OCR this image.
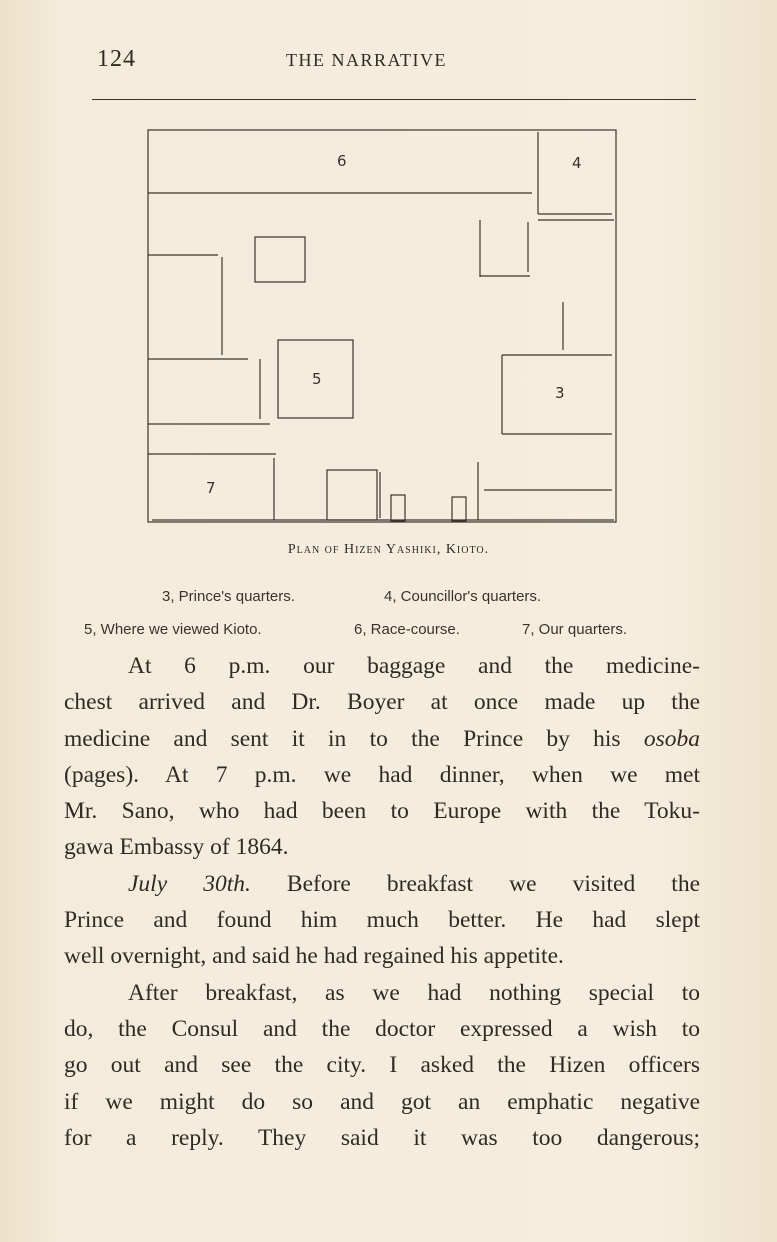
124	THE NARRATIVE
6	4
5
3
7
Plan of Hizen Yashiki, Kioto.
3, Prince's quarters.	4, Councillor's quarters.
5, Where we viewed Kioto.	6, Race-course.	7, Our quarters.
At 6 p.m. our baggage and the medicine-
chest arrived and Dr. Boyer at once made up the
medicine and sent it in to the Prince by his osoba
(pages). At 7 p.m. we had dinner, when we met
Mr. Sano, who had been to Europe with the Toku-
gawa Embassy of 1864.
July 30th. Before breakfast we visited the
Prince and found him much better. He had slept
well overnight, and said he had regained his appetite.
After breakfast, as we had nothing special to
do, the Consul and the doctor expressed a wish to
go out and see the city. I asked the Hizen officers
if we might do so and got an emphatic negative
for a reply. They said it was too dangerous;
